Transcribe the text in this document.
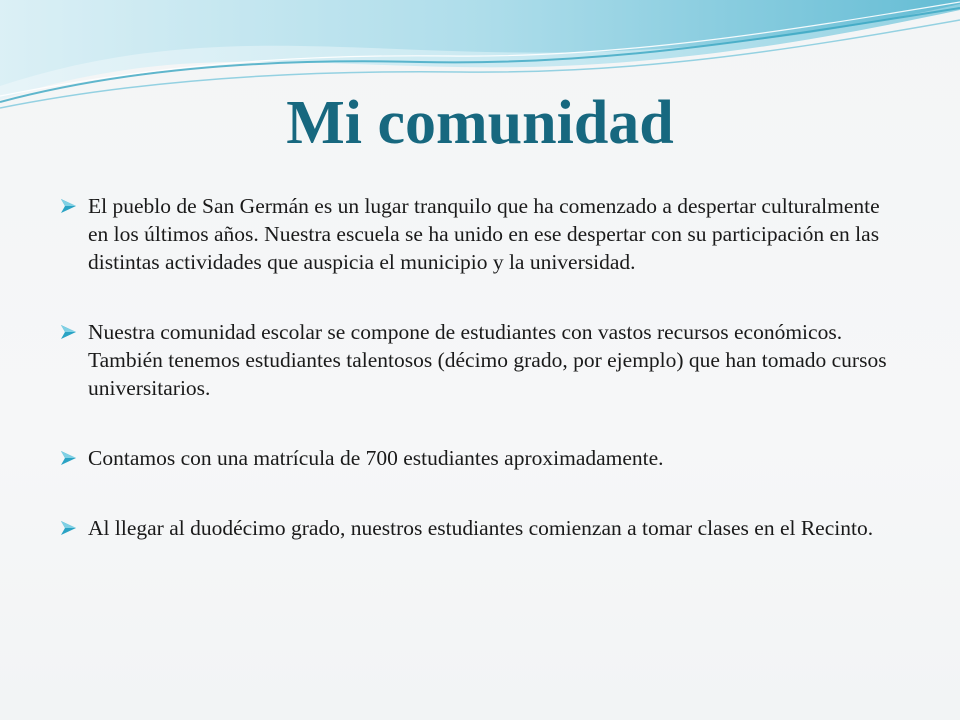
Mi comunidad
El pueblo de San Germán es un lugar tranquilo que ha comenzado a despertar culturalmente en los últimos años. Nuestra escuela se ha unido en ese despertar con su participación en las distintas actividades que auspicia el municipio y la universidad.
Nuestra comunidad escolar se compone de estudiantes con vastos recursos económicos. También tenemos estudiantes talentosos (décimo grado, por ejemplo) que han tomado cursos universitarios.
Contamos con una matrícula de 700 estudiantes aproximadamente.
Al llegar al duodécimo grado, nuestros estudiantes comienzan a tomar clases en el Recinto.
